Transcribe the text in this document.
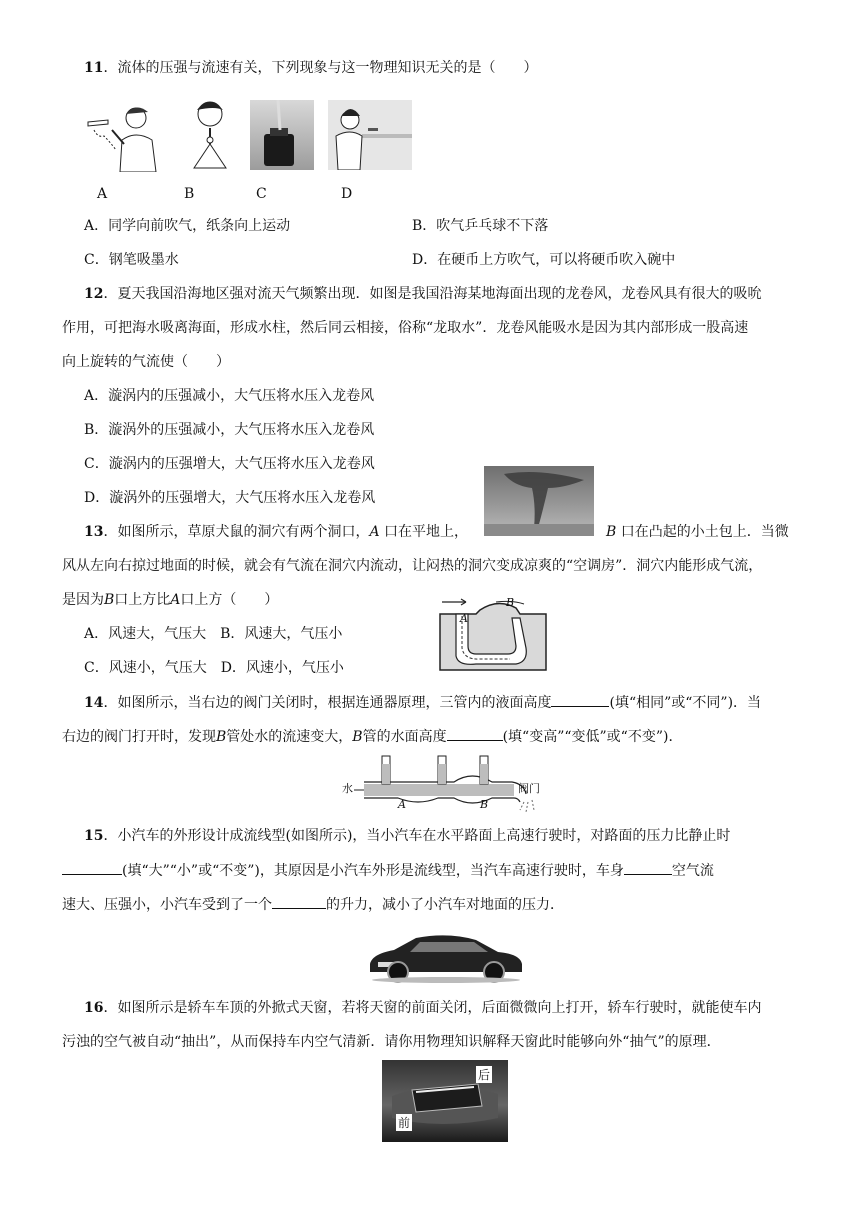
11．流体的压强与流速有关，下列现象与这一物理知识无关的是（　　）
A	B	C	D
A．同学向前吹气，纸条向上运动	B．吹气乒乓球不下落
C．钢笔吸墨水	D．在硬币上方吹气，可以将硬币吹入碗中
12．夏天我国沿海地区强对流天气频繁出现．如图是我国沿海某地海面出现的龙卷风，龙卷风具有很大的吸吮
作用，可把海水吸离海面，形成水柱，然后同云相接，俗称“龙取水”．龙卷风能吸水是因为其内部形成一股高速
向上旋转的气流使（　　）
A．漩涡内的压强减小，大气压将水压入龙卷风
B．漩涡外的压强减小，大气压将水压入龙卷风
C．漩涡内的压强增大，大气压将水压入龙卷风
D．漩涡外的压强增大，大气压将水压入龙卷风
13．如图所示，草原犬鼠的洞穴有两个洞口，A 口在平地上，	B 口在凸起的小土包上．当微
风从左向右掠过地面的时候，就会有气流在洞穴内流动，让闷热的洞穴变成凉爽的“空调房”．洞穴内能形成气流，
是因为B口上方比A口上方（　　）
A．风速大，气压大　B．风速大，气压小
C．风速小，气压大　D．风速小，气压小
A
B
14．如图所示，当右边的阀门关闭时，根据连通器原理，三管内的液面高度	(填“相同”或“不同”)．当
右边的阀门打开时，发现B管处水的流速变大，B管的水面高度	(填“变高”“变低”或“不变”)．
水
A	B
阀门
15．小汽车的外形设计成流线型(如图所示)，当小汽车在水平路面上高速行驶时，对路面的压力比静止时
(填“大”“小”或“不变”)，其原因是小汽车外形是流线型，当汽车高速行驶时，车身	空气流
速大、压强小，小汽车受到了一个	的升力，减小了小汽车对地面的压力．
16．如图所示是轿车车顶的外掀式天窗，若将天窗的前面关闭，后面微微向上打开，轿车行驶时，就能使车内
污浊的空气被自动“抽出”，从而保持车内空气清新．请你用物理知识解释天窗此时能够向外“抽气”的原理．
后
前
